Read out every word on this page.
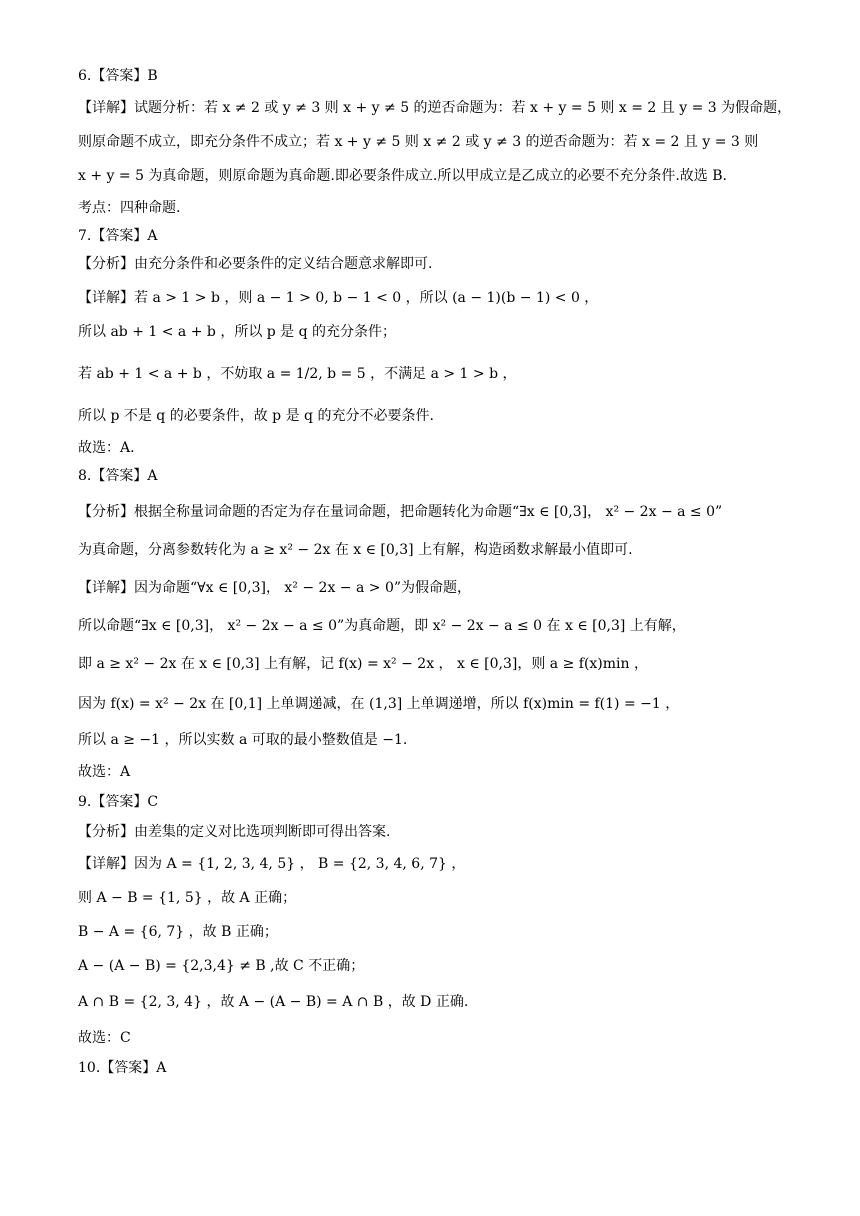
6.【答案】B
【详解】试题分析：若 x ≠ 2 或 y ≠ 3 则 x + y ≠ 5 的逆否命题为：若 x + y = 5 则 x = 2 且 y = 3 为假命题，
则原命题不成立，即充分条件不成立；若 x + y ≠ 5 则 x ≠ 2 或 y ≠ 3 的逆否命题为：若 x = 2 且 y = 3 则
x + y = 5 为真命题，则原命题为真命题.即必要条件成立.所以甲成立是乙成立的必要不充分条件.故选 B.
考点：四种命题.
7.【答案】A
【分析】由充分条件和必要条件的定义结合题意求解即可.
【详解】若 a > 1 > b ，则 a − 1 > 0, b − 1 < 0 ，所以 (a − 1)(b − 1) < 0 ，
所以 ab + 1 < a + b ，所以 p 是 q 的充分条件；
若 ab + 1 < a + b ，不妨取 a = 1/2, b = 5 ，不满足 a > 1 > b ，
所以 p 不是 q 的必要条件，故 p 是 q 的充分不必要条件.
故选：A.
8.【答案】A
【分析】根据全称量词命题的否定为存在量词命题，把命题转化为命题“∃x ∈ [0,3]， x² − 2x − a ≤ 0”
为真命题，分离参数转化为 a ≥ x² − 2x 在 x ∈ [0,3] 上有解，构造函数求解最小值即可.
【详解】因为命题“∀x ∈ [0,3]， x² − 2x − a > 0”为假命题，
所以命题“∃x ∈ [0,3]， x² − 2x − a ≤ 0”为真命题，即 x² − 2x − a ≤ 0 在 x ∈ [0,3] 上有解，
即 a ≥ x² − 2x 在 x ∈ [0,3] 上有解，记 f(x) = x² − 2x ， x ∈ [0,3]，则 a ≥ f(x)min ，
因为 f(x) = x² − 2x 在 [0,1] 上单调递减，在 (1,3] 上单调递增，所以 f(x)min = f(1) = −1 ，
所以 a ≥ −1 ，所以实数 a 可取的最小整数值是 −1.
故选：A
9.【答案】C
【分析】由差集的定义对比选项判断即可得出答案.
【详解】因为 A = {1, 2, 3, 4, 5} ， B = {2, 3, 4, 6, 7} ，
则 A − B = {1, 5} ，故 A 正确；
B − A = {6, 7} ，故 B 正确；
A − (A − B) = {2,3,4} ≠ B ,故 C 不正确；
A ∩ B = {2, 3, 4} ，故 A − (A − B) = A ∩ B ，故 D 正确.
故选：C
10.【答案】A
